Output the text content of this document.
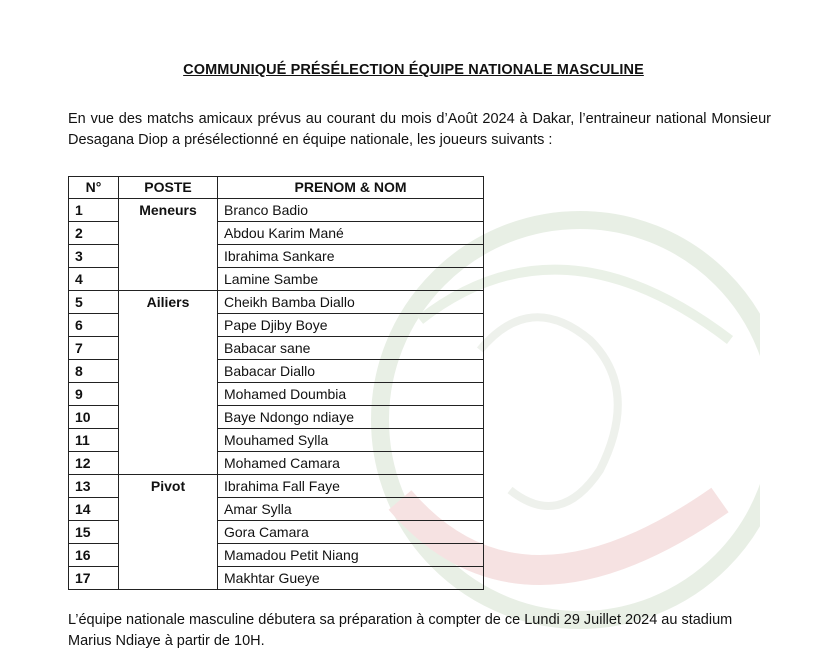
COMMUNIQUÉ PRÉSÉLECTION ÉQUIPE NATIONALE MASCULINE
En vue des matchs amicaux prévus au courant du mois d’Août 2024 à Dakar, l’entraineur national Monsieur Desagana Diop a présélectionné en équipe nationale, les joueurs suivants :
N°	POSTE	PRENOM & NOM
1	Meneurs	Branco Badio
2		Abdou Karim Mané
3		Ibrahima Sankare
4		Lamine Sambe
5	Ailiers	Cheikh Bamba Diallo
6		Pape Djiby Boye
7		Babacar sane
8		Babacar Diallo
9		Mohamed Doumbia
10		Baye Ndongo ndiaye
11		Mouhamed Sylla
12		Mohamed Camara
13	Pivot	Ibrahima Fall Faye
14		Amar Sylla
15		Gora Camara
16		Mamadou Petit Niang
17		Makhtar Gueye
L’équipe nationale masculine débutera sa préparation à compter de ce Lundi 29 Juillet 2024 au stadium Marius Ndiaye à partir de 10H.
